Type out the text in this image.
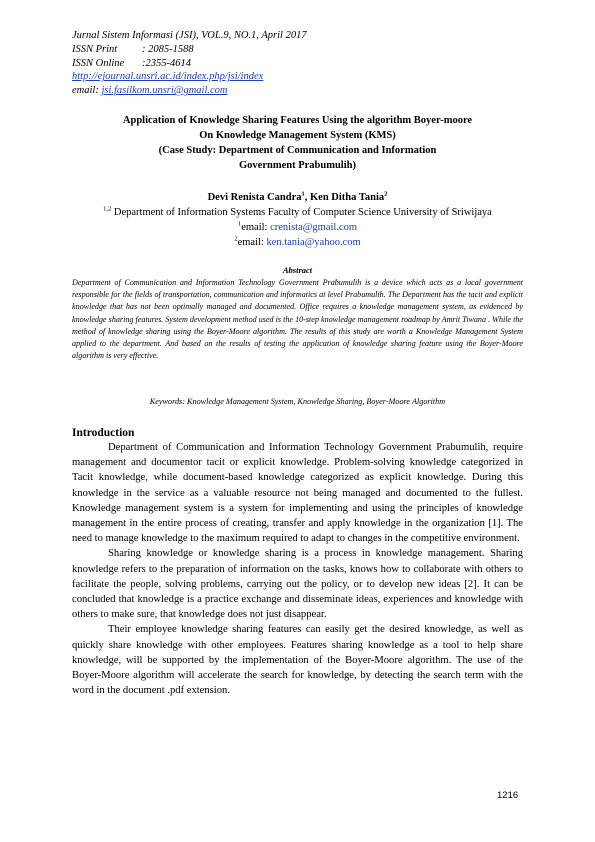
Jurnal Sistem Informasi (JSI), VOL.9, NO.1, April 2017
ISSN Print : 2085-1588
ISSN Online :2355-4614
http://ejournal.unsri.ac.id/index.php/jsi/index
email: jsi.fasilkom.unsri@gmail.com
Application of Knowledge Sharing Features Using the algorithm Boyer-moore
On Knowledge Management System (KMS)
(Case Study: Department of Communication and Information
Government Prabumulih)
Devi Renista Candra$^1$, Ken Ditha Tania$^2$
$^{1,2}$ Department of Information Systems Faculty of Computer Science University of Sriwijaya
$^1$email: crenista@gmail.com
$^2$email: ken.tania@yahoo.com
Abstract
Department of Communication and Information Technology Government Prabumulih is a device which acts as a local government responsible for the fields of transportation, communication and informatics at level Prabumulih. The Department has the tacit and explicit knowledge that has not been optimally managed and documented. Office requires a knowledge management system, as evidenced by knowledge sharing features. System development method used is the 10-step knowledge management roadmap by Amrit Tiwana . While the method of knowledge sharing using the Boyer-Moore algorithm. The results of this study are worth a Knowledge Management System applied to the department. And based on the results of testing the application of knowledge sharing feature using the Boyer-Moore algorithm is very effective.
Keywords: Knowledge Management System, Knowledge Sharing, Boyer-Moore Algorithm
Introduction

Department of Communication and Information Technology Government Prabumulih, require management and documentor tacit or explicit knowledge. Problem-solving knowledge categorized in Tacit knowledge, while document-based knowledge categorized as explicit knowledge. During this knowledge in the service as a valuable resource not being managed and documented to the fullest. Knowledge management system is a system for implementing and using the principles of knowledge management in the entire process of creating, transfer and apply knowledge in the organization [1]. The need to manage knowledge to the maximum required to adapt to changes in the competitive environment.

Sharing knowledge or knowledge sharing is a process in knowledge management. Sharing knowledge refers to the preparation of information on the tasks, knows how to collaborate with others to facilitate the people, solving problems, carrying out the policy, or to develop new ideas [2]. It can be concluded that knowledge is a practice exchange and disseminate ideas, experiences and knowledge with others to make sure, that knowledge does not just disappear.

Their employee knowledge sharing features can easily get the desired knowledge, as well as quickly share knowledge with other employees. Features sharing knowledge as a tool to help share knowledge, will be supported by the implementation of the Boyer-Moore algorithm. The use of the Boyer-Moore algorithm will accelerate the search for knowledge, by detecting the search term with the word in the document .pdf extension.

1216
